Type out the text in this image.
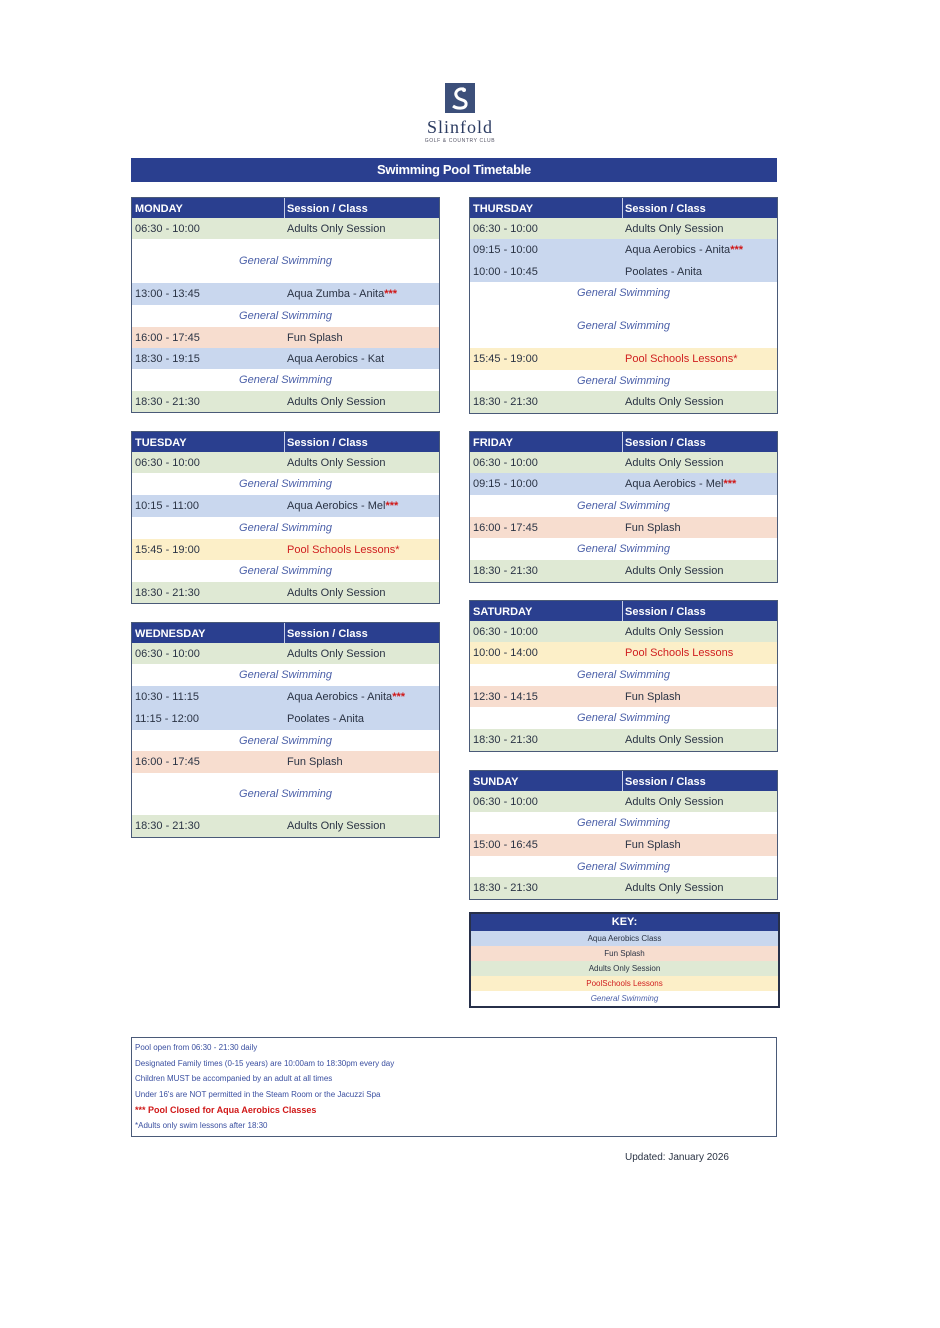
Slinfold
GOLF & COUNTRY CLUB
Swimming Pool Timetable
MONDAY	Session / Class
06:30 - 10:00	Adults Only Session
General Swimming
13:00 - 13:45	Aqua Zumba - Anita***
General Swimming
16:00 - 17:45	Fun Splash
18:30 - 19:15	Aqua Aerobics - Kat
General Swimming
18:30 - 21:30	Adults Only Session
TUESDAY	Session / Class
06:30 - 10:00	Adults Only Session
General Swimming
10:15 - 11:00	Aqua Aerobics - Mel***
General Swimming
15:45 - 19:00	Pool Schools Lessons*
General Swimming
18:30 - 21:30	Adults Only Session
WEDNESDAY	Session / Class
06:30 - 10:00	Adults Only Session
General Swimming
10:30 - 11:15	Aqua Aerobics - Anita***
11:15 - 12:00	Poolates - Anita
General Swimming
16:00 - 17:45	Fun Splash
General Swimming
18:30 - 21:30	Adults Only Session
THURSDAY	Session / Class
06:30 - 10:00	Adults Only Session
09:15 - 10:00	Aqua Aerobics - Anita***
10:00 - 10:45	Poolates - Anita
General Swimming
General Swimming
15:45 - 19:00	Pool Schools Lessons*
General Swimming
18:30 - 21:30	Adults Only Session
FRIDAY	Session / Class
06:30 - 10:00	Adults Only Session
09:15 - 10:00	Aqua Aerobics - Mel***
General Swimming
16:00 - 17:45	Fun Splash
General Swimming
18:30 - 21:30	Adults Only Session
SATURDAY	Session / Class
06:30 - 10:00	Adults Only Session
10:00 - 14:00	Pool Schools Lessons
General Swimming
12:30 - 14:15	Fun Splash
General Swimming
18:30 - 21:30	Adults Only Session
SUNDAY	Session / Class
06:30 - 10:00	Adults Only Session
General Swimming
15:00 - 16:45	Fun Splash
General Swimming
18:30 - 21:30	Adults Only Session
KEY:
Aqua Aerobics Class
Fun Splash
Adults Only Session
PoolSchools Lessons
General Swimming
Pool open from 06:30 - 21:30 daily
Designated Family times (0-15 years) are 10:00am to 18:30pm every day
Children MUST be accompanied by an adult at all times
Under 16's are NOT permitted in the Steam Room or the Jacuzzi Spa
*** Pool Closed for Aqua Aerobics Classes
*Adults only swim lessons after 18:30
Updated: January 2026
